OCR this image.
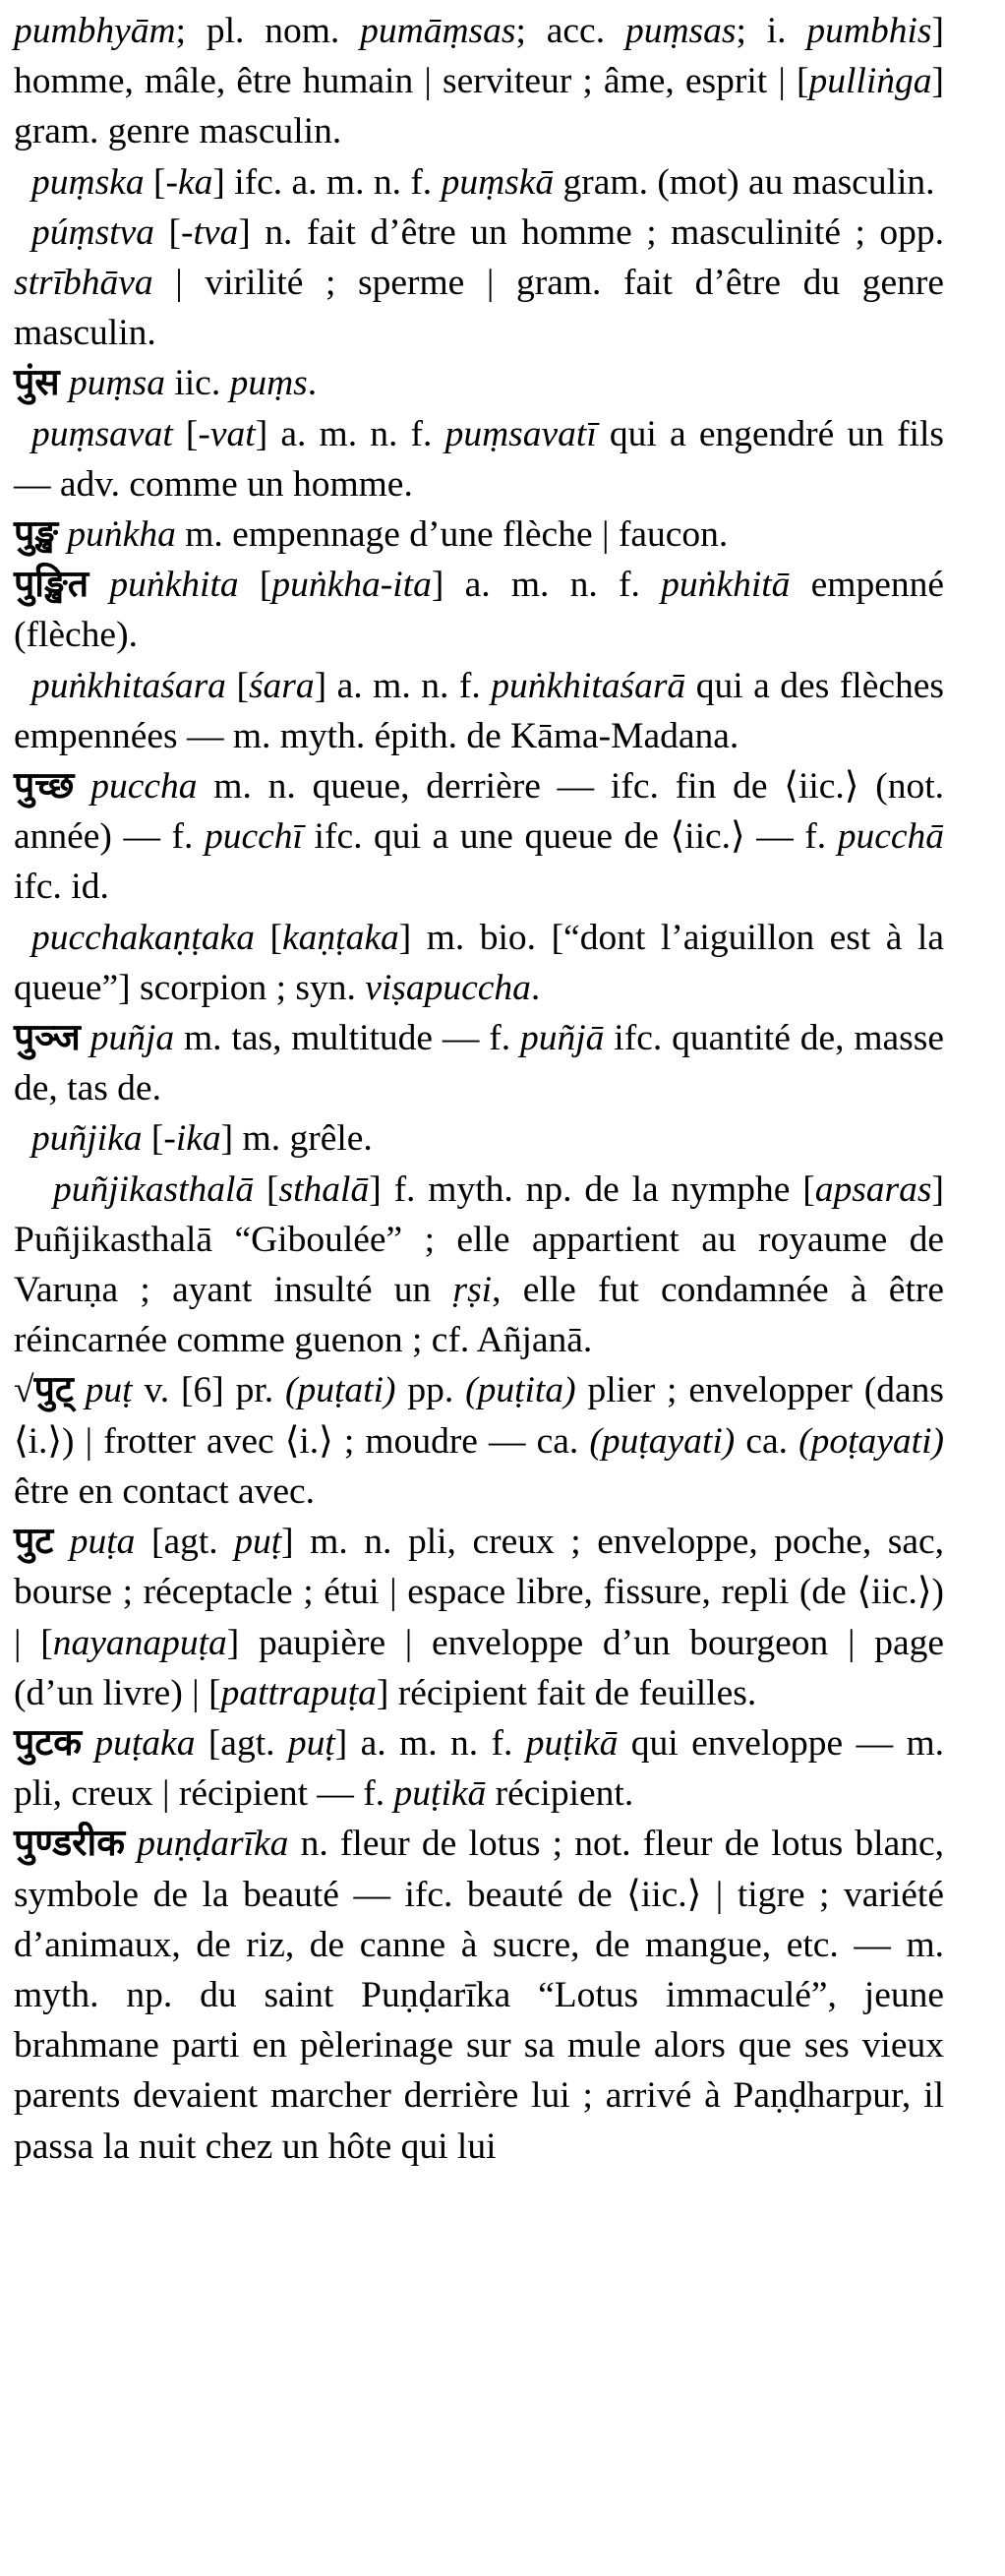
pumbhyām; pl. nom. pumāṃsas; acc. puṃsas; i. pumbhis] homme, mâle, être humain | serviteur ; âme, esprit | [pulliṅga] gram. genre masculin.

puṃska [-ka] ifc. a. m. n. f. puṃskā gram. (mot) au masculin.

púṃstva [-tva] n. fait d’être un homme ; masculinité ; opp. strībhāva | virilité ; sperme | gram. fait d’être du genre masculin.

पुंस puṃsa iic. puṃs.

puṃsavat [-vat] a. m. n. f. puṃsavatī qui a engendré un fils — adv. comme un homme.

पुङ्ख puṅkha m. empennage d’une flèche | faucon.

पुङ्खित puṅkhita [puṅkha-ita] a. m. n. f. puṅkhitā empenné (flèche).

puṅkhitaśara [śara] a. m. n. f. puṅkhitaśarā qui a des flèches empennées — m. myth. épith. de Kāma-Madana.

पुच्छ puccha m. n. queue, derrière — ifc. fin de ⟨iic.⟩ (not. année) — f. pucchī ifc. qui a une queue de ⟨iic.⟩ — f. pucchā ifc. id.

pucchakaṇṭaka [kaṇṭaka] m. bio. [“dont l’aiguillon est à la queue”] scorpion ; syn. viṣapuccha.

पुञ्ज puñja m. tas, multitude — f. puñjā ifc. quantité de, masse de, tas de.

puñjika [-ika] m. grêle.

puñjikasthalā [sthalā] f. myth. np. de la nymphe [apsaras] Puñjikasthalā “Giboulée” ; elle appartient au royaume de Varuṇa ; ayant insulté un ṛṣi, elle fut condamnée à être réincarnée comme guenon ; cf. Añjanā.

√पुट् puṭ v. [6] pr. (puṭati) pp. (puṭita) plier ; envelopper (dans ⟨i.⟩) | frotter avec ⟨i.⟩ ; moudre — ca. (puṭayati) ca. (poṭayati) être en contact avec.

पुट puṭa [agt. puṭ] m. n. pli, creux ; enveloppe, poche, sac, bourse ; réceptacle ; étui | espace libre, fissure, repli (de ⟨iic.⟩) | [nayanapuṭa] paupière | enveloppe d’un bourgeon | page (d’un livre) | [pattrapuṭa] récipient fait de feuilles.

पुटक puṭaka [agt. puṭ] a. m. n. f. puṭikā qui enveloppe — m. pli, creux | récipient — f. puṭikā récipient.

पुण्डरीक puṇḍarīka n. fleur de lotus ; not. fleur de lotus blanc, symbole de la beauté — ifc. beauté de ⟨iic.⟩ | tigre ; variété d’animaux, de riz, de canne à sucre, de mangue, etc. — m. myth. np. du saint Puṇḍarīka “Lotus immaculé”, jeune brahmane parti en pèlerinage sur sa mule alors que ses vieux parents devaient marcher derrière lui ; arrivé à Paṇḍharpur, il passa la nuit chez un hôte qui lui
